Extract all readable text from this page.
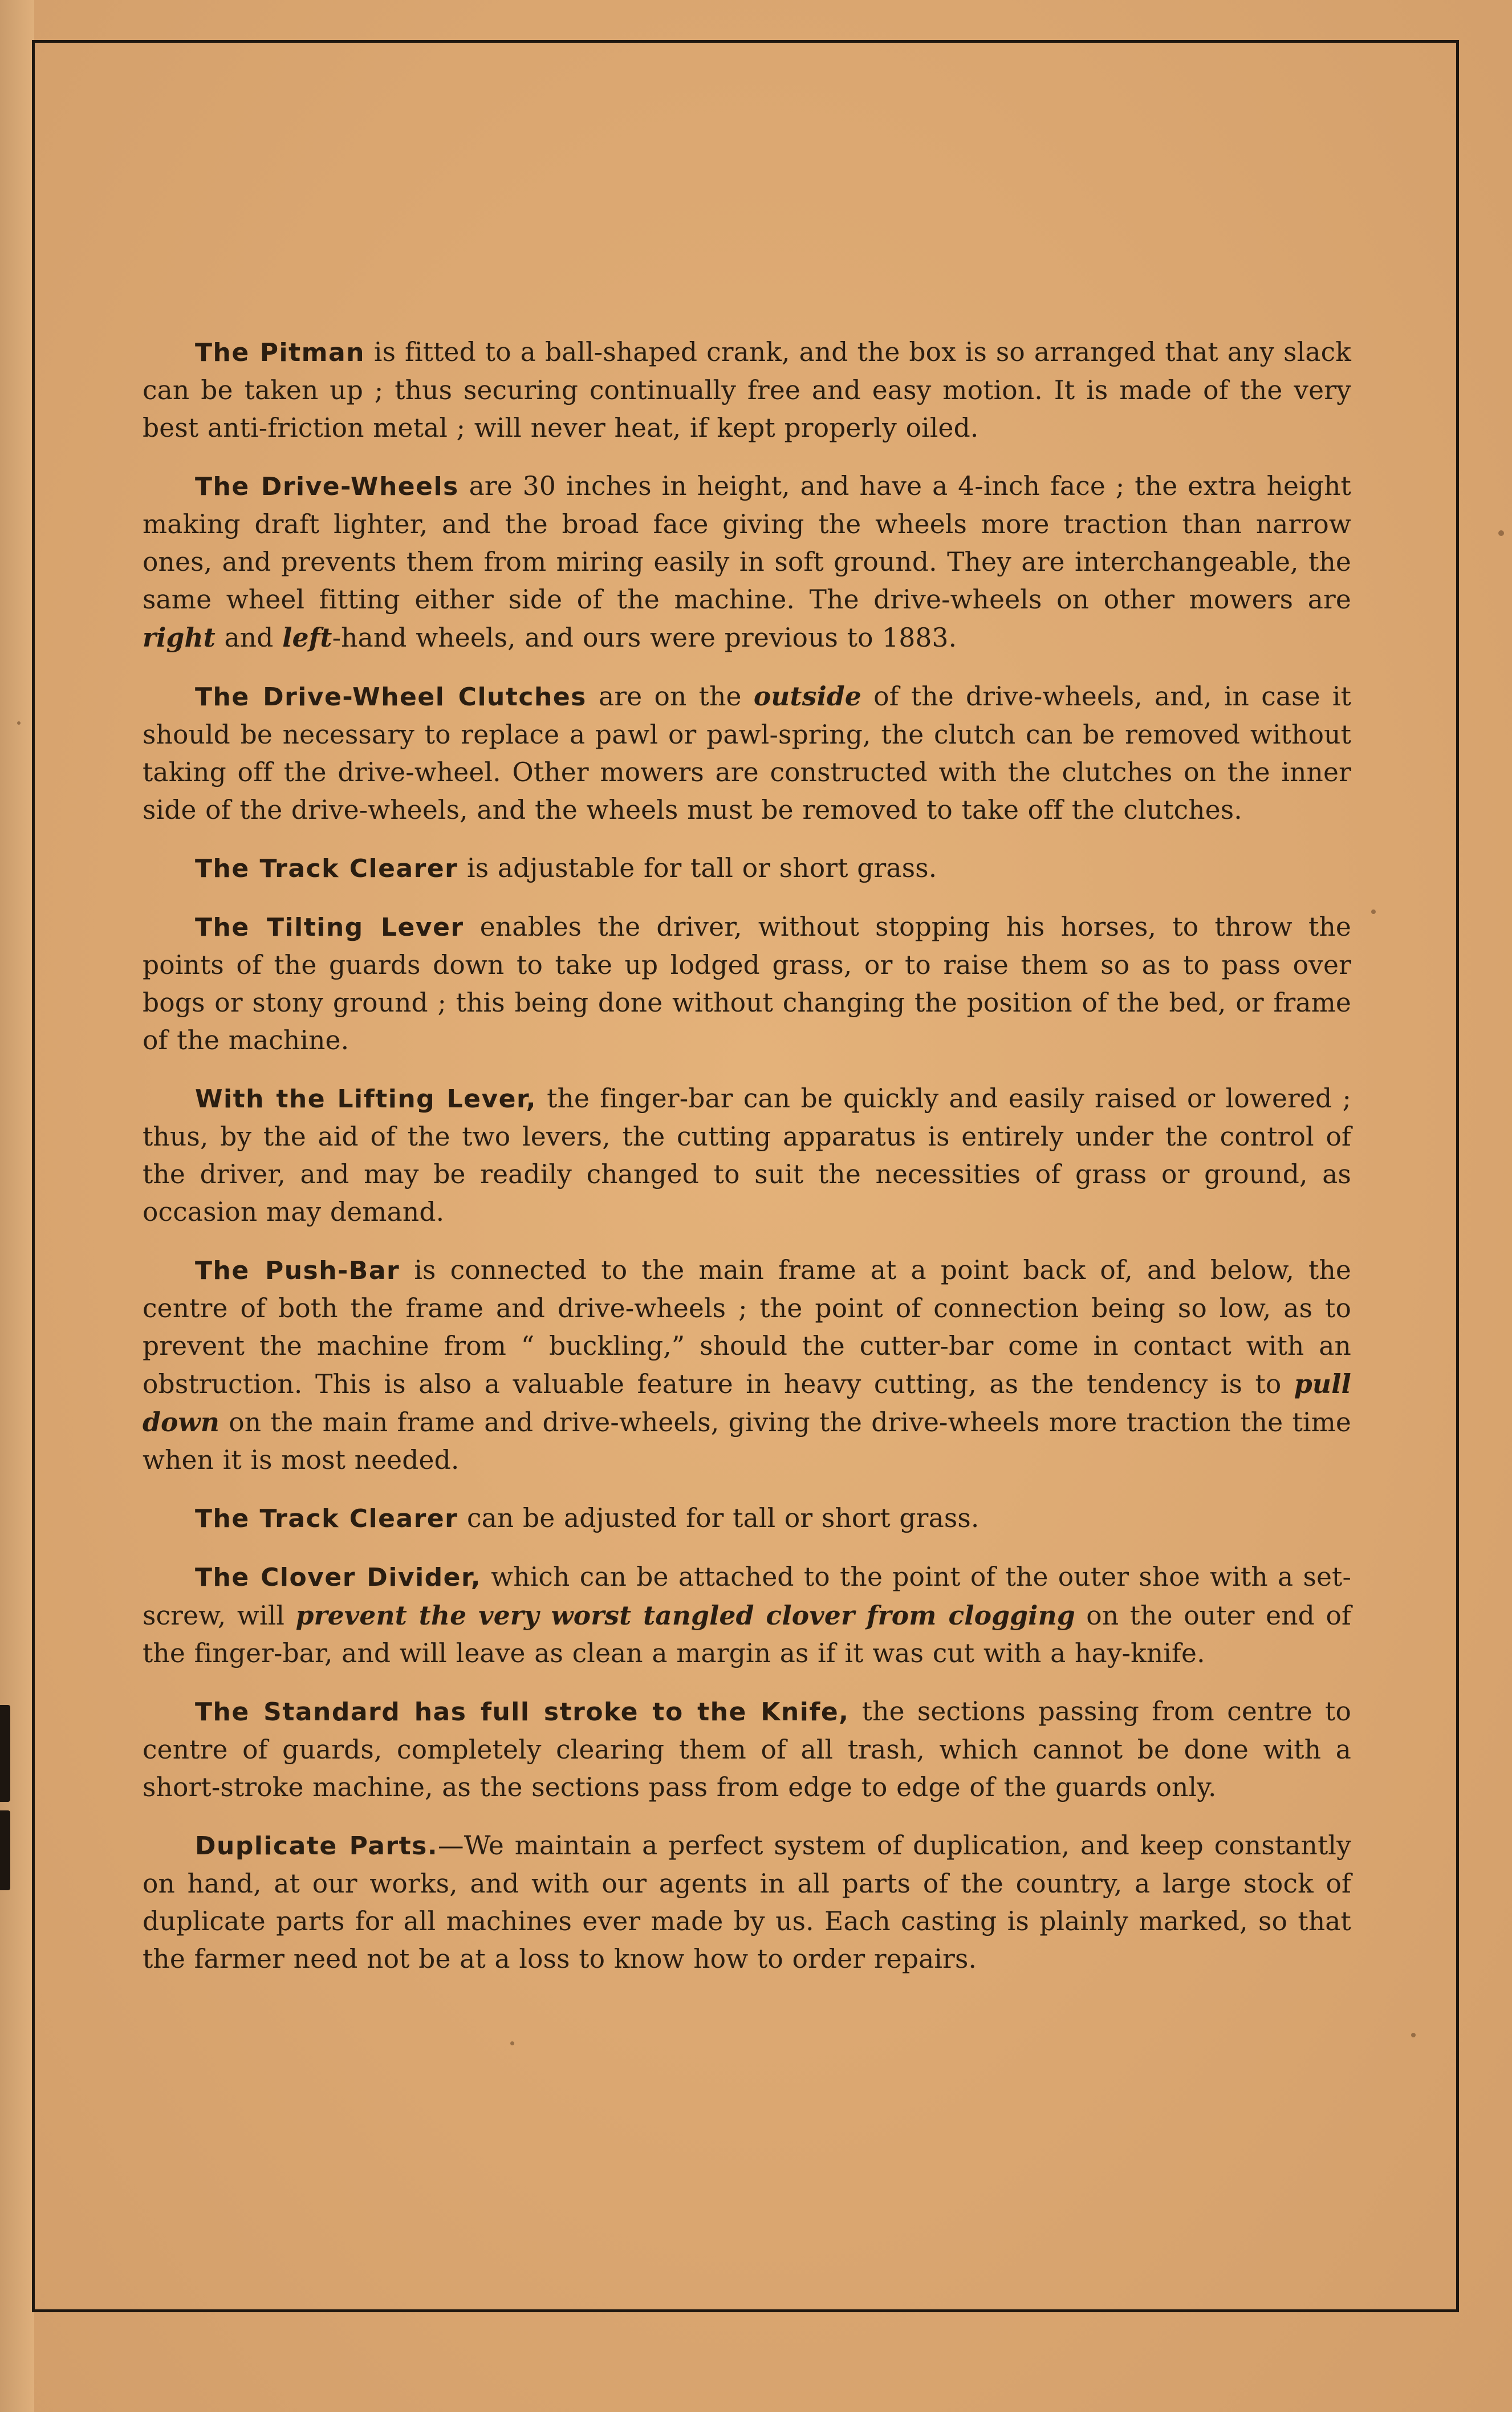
The Pitman is fitted to a ball-shaped crank, and the box is so arranged that any slack can be taken up ; thus securing continually free and easy motion. It is made of the very best anti-friction metal ; will never heat, if kept properly oiled.

The Drive-Wheels are 30 inches in height, and have a 4-inch face ; the extra height making draft lighter, and the broad face giving the wheels more traction than narrow ones, and prevents them from miring easily in soft ground. They are interchangeable, the same wheel fitting either side of the machine. The drive-wheels on other mowers are right and left-hand wheels, and ours were previous to 1883.

The Drive-Wheel Clutches are on the outside of the drive-wheels, and, in case it should be necessary to replace a pawl or pawl-spring, the clutch can be removed without taking off the drive-wheel. Other mowers are constructed with the clutches on the inner side of the drive-wheels, and the wheels must be removed to take off the clutches.

The Track Clearer is adjustable for tall or short grass.

The Tilting Lever enables the driver, without stopping his horses, to throw the points of the guards down to take up lodged grass, or to raise them so as to pass over bogs or stony ground ; this being done without changing the position of the bed, or frame of the machine.

With the Lifting Lever, the finger-bar can be quickly and easily raised or lowered ; thus, by the aid of the two levers, the cutting apparatus is entirely under the control of the driver, and may be readily changed to suit the necessities of grass or ground, as occasion may demand.

The Push-Bar is connected to the main frame at a point back of, and below, the centre of both the frame and drive-wheels ; the point of connection being so low, as to prevent the machine from “ buckling,” should the cutter-bar come in contact with an obstruction. This is also a valuable feature in heavy cutting, as the tendency is to pull down on the main frame and drive-wheels, giving the drive-wheels more traction the time when it is most needed.

The Track Clearer can be adjusted for tall or short grass.

The Clover Divider, which can be attached to the point of the outer shoe with a set-screw, will prevent the very worst tangled clover from clogging on the outer end of the finger-bar, and will leave as clean a margin as if it was cut with a hay-knife.

The Standard has full stroke to the Knife, the sections passing from centre to centre of guards, completely clearing them of all trash, which cannot be done with a short-stroke machine, as the sections pass from edge to edge of the guards only.

Duplicate Parts.—We maintain a perfect system of duplication, and keep constantly on hand, at our works, and with our agents in all parts of the country, a large stock of duplicate parts for all machines ever made by us. Each casting is plainly marked, so that the farmer need not be at a loss to know how to order repairs.
